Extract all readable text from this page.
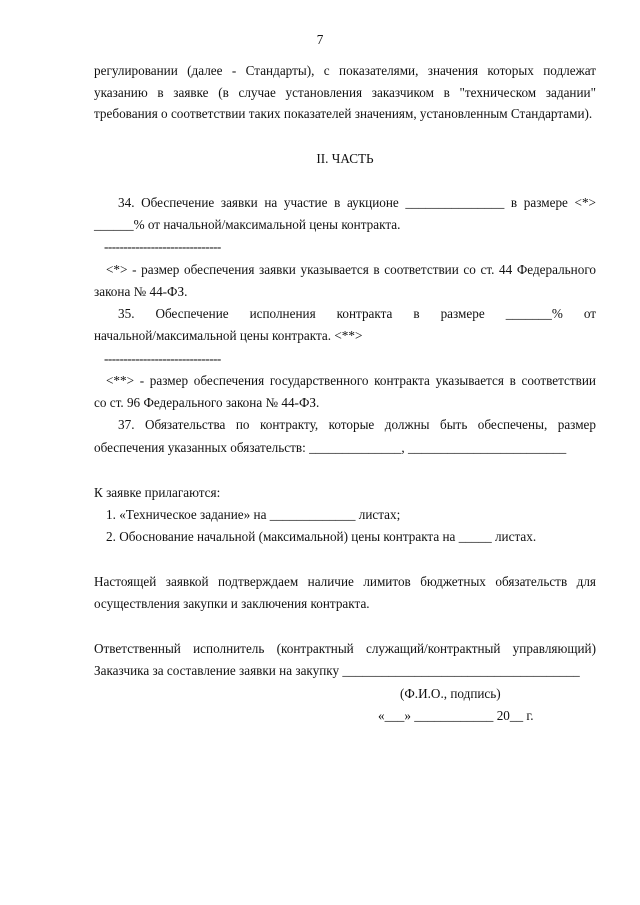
7
регулировании (далее - Стандарты), с показателями, значения которых подлежат
указанию в заявке (в случае установления заказчиком в "техническом задании"
требования о соответствии таких показателей значениям, установленным Стандартами).
II. ЧАСТЬ
34. Обеспечение заявки на участие в аукционе _______________ в размере <*>
______% от начальной/максимальной цены контракта.
------------------------------
<*> - размер обеспечения заявки указывается в соответствии со ст. 44 Федерального
закона № 44-ФЗ.
35. Обеспечение исполнения контракта в размере _______% от
начальной/максимальной цены контракта. <**>
------------------------------
<**> - размер обеспечения государственного контракта указывается в соответствии
со ст. 96 Федерального закона № 44-ФЗ.
37. Обязательства по контракту, которые должны быть обеспечены, размер
обеспечения указанных обязательств: ______________, ________________________
К заявке прилагаются:
1. «Техническое задание» на _____________ листах;
2. Обоснование начальной (максимальной) цены контракта на _____ листах.
Настоящей заявкой подтверждаем наличие лимитов бюджетных обязательств для
осуществления закупки и заключения контракта.
Ответственный исполнитель (контрактный служащий/контрактный управляющий)
Заказчика за составление заявки на закупку ____________________________________
(Ф.И.О., подпись)
«___» ____________ 20__ г.
